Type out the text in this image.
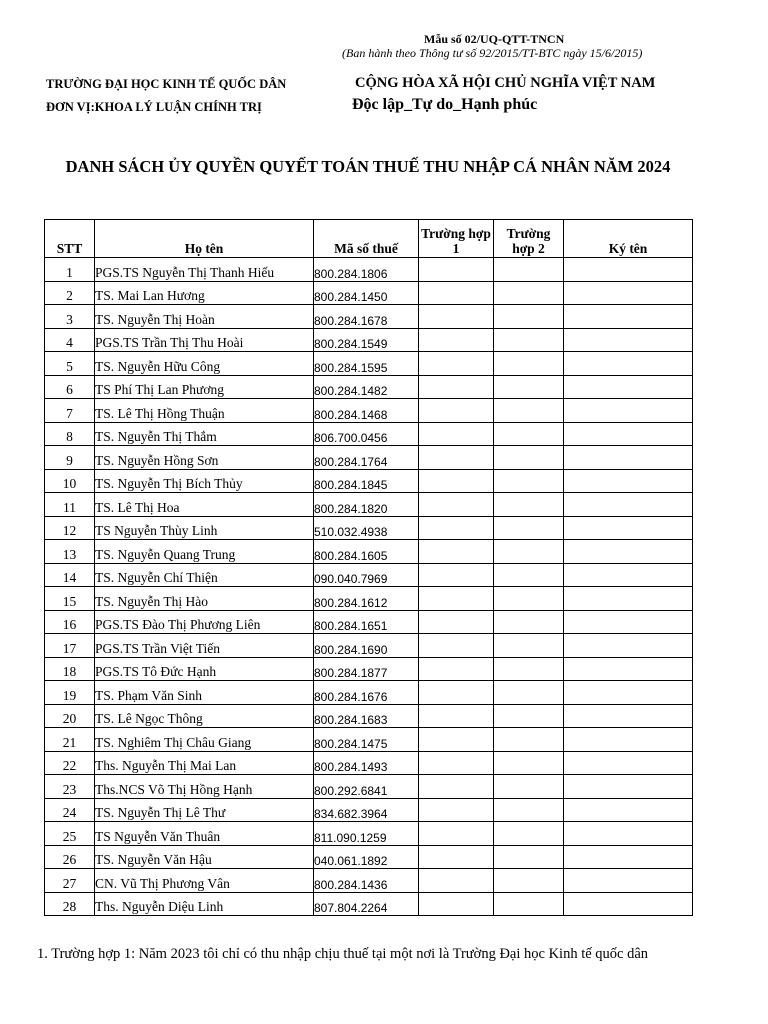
Mẫu số 02/UQ-QTT-TNCN
(Ban hành theo Thông tư số 92/2015/TT-BTC ngày 15/6/2015)
TRƯỜNG ĐẠI HỌC KINH TẾ QUỐC DÂN
ĐƠN VỊ:KHOA LÝ LUẬN CHÍNH TRỊ
CỘNG HÒA XÃ HỘI CHỦ NGHĨA VIỆT NAM
Độc lập_Tự do_Hạnh phúc
DANH SÁCH ỦY QUYỀN QUYẾT TOÁN THUẾ THU NHẬP CÁ NHÂN NĂM 2024
STT	Họ tên	Mã số thuế	Trường hợp 1	Trường hợp 2	Ký tên
1	PGS.TS Nguyễn Thị Thanh Hiếu	800.284.1806			
2	TS. Mai Lan Hương	800.284.1450			
3	TS. Nguyễn Thị Hoàn	800.284.1678			
4	PGS.TS Trần Thị Thu Hoài	800.284.1549			
5	TS. Nguyễn Hữu Công	800.284.1595			
6	TS Phí Thị Lan Phương	800.284.1482			
7	TS. Lê Thị Hồng Thuận	800.284.1468			
8	TS. Nguyễn Thị Thắm	806.700.0456			
9	TS. Nguyễn Hồng Sơn	800.284.1764			
10	TS. Nguyễn Thị Bích Thủy	800.284.1845			
11	TS. Lê Thị Hoa	800.284.1820			
12	TS Nguyễn Thùy Linh	510.032.4938			
13	TS. Nguyễn Quang Trung	800.284.1605			
14	TS. Nguyễn Chí Thiện	090.040.7969			
15	TS. Nguyễn Thị Hào	800.284.1612			
16	PGS.TS Đào Thị Phương Liên	800.284.1651			
17	PGS.TS Trần Việt Tiến	800.284.1690			
18	PGS.TS Tô Đức Hạnh	800.284.1877			
19	TS. Phạm Văn Sinh	800.284.1676			
20	TS. Lê Ngọc Thông	800.284.1683			
21	TS. Nghiêm Thị Châu Giang	800.284.1475			
22	Ths. Nguyễn Thị Mai Lan	800.284.1493			
23	Ths.NCS Võ Thị Hồng Hạnh	800.292.6841			
24	TS. Nguyễn Thị Lê Thư	834.682.3964			
25	TS Nguyễn Văn Thuân	811.090.1259			
26	TS. Nguyễn Văn Hậu	040.061.1892			
27	CN. Vũ Thị Phương Vân	800.284.1436			
28	Ths. Nguyễn Diệu Linh	807.804.2264			
1. Trường hợp 1: Năm 2023 tôi chỉ có thu nhập chịu thuế tại một nơi là Trường Đại học Kinh tế quốc dân
